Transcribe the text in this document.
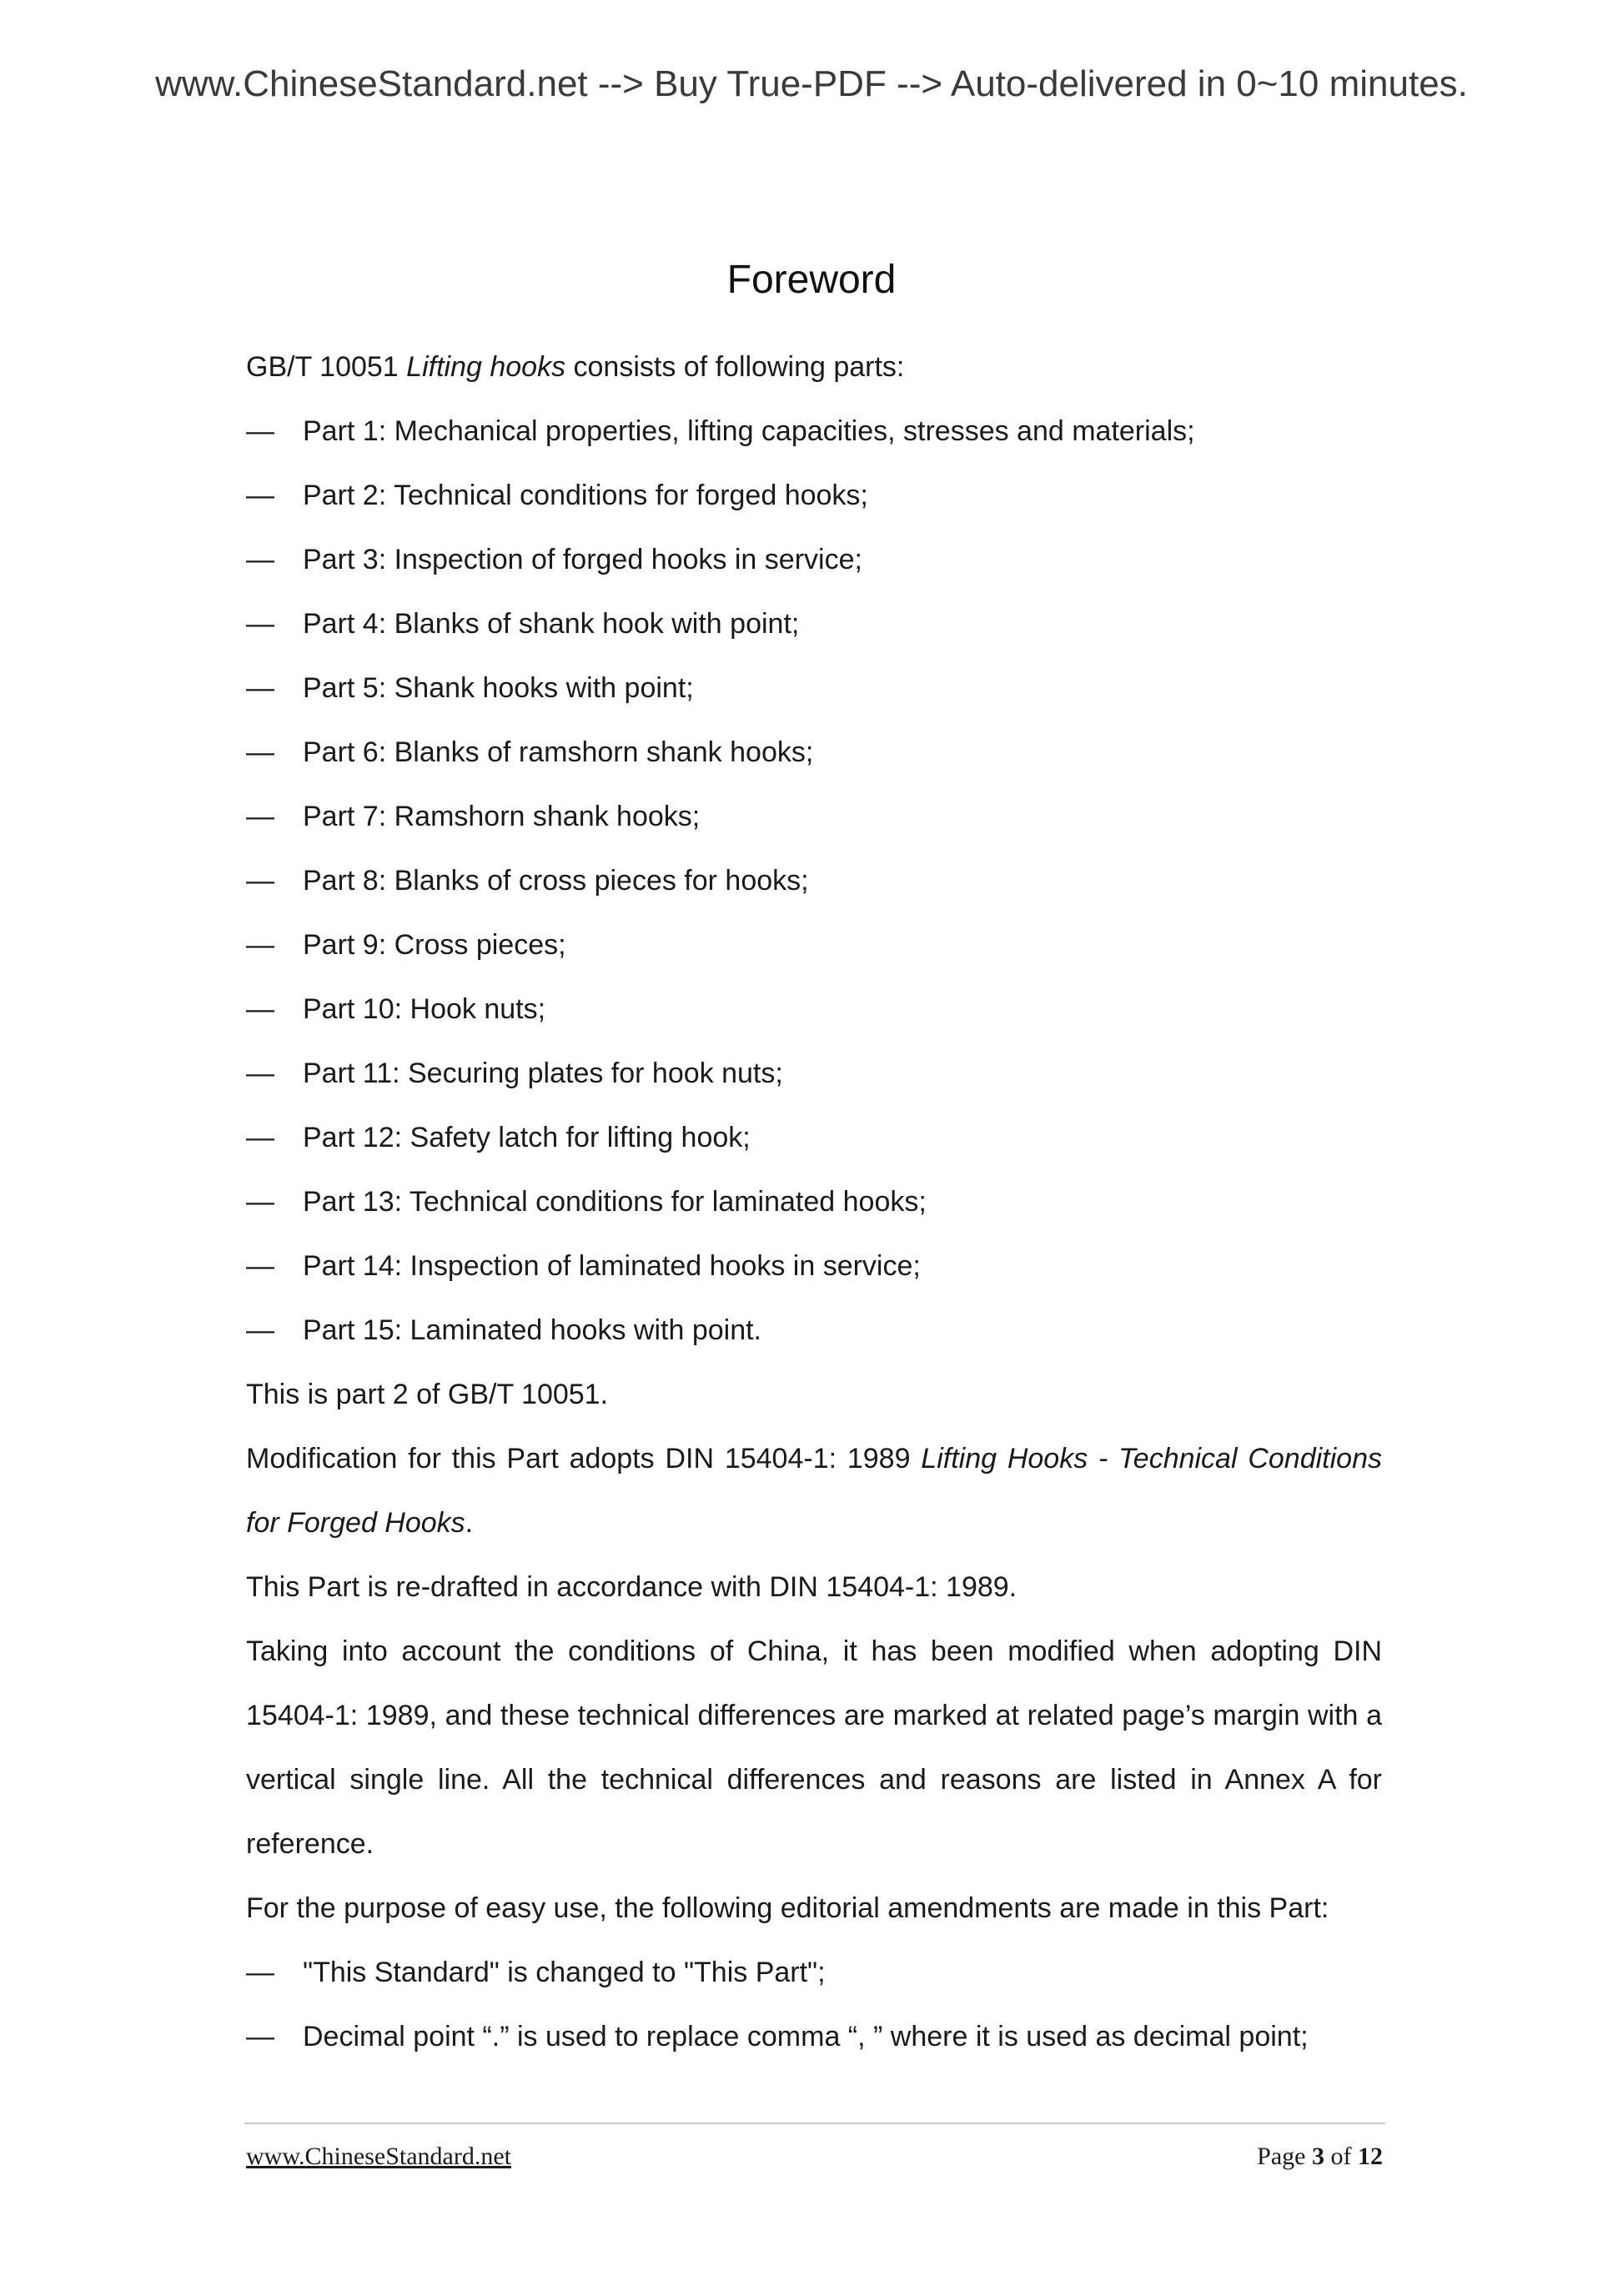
www.ChineseStandard.net --> Buy True-PDF --> Auto-delivered in 0~10 minutes.
Foreword

GB/T 10051 Lifting hooks consists of following parts:

—	Part 1: Mechanical properties, lifting capacities, stresses and materials;
—	Part 2: Technical conditions for forged hooks;
—	Part 3: Inspection of forged hooks in service;
—	Part 4: Blanks of shank hook with point;
—	Part 5: Shank hooks with point;
—	Part 6: Blanks of ramshorn shank hooks;
—	Part 7: Ramshorn shank hooks;
—	Part 8: Blanks of cross pieces for hooks;
—	Part 9: Cross pieces;
—	Part 10: Hook nuts;
—	Part 11: Securing plates for hook nuts;
—	Part 12: Safety latch for lifting hook;
—	Part 13: Technical conditions for laminated hooks;
—	Part 14: Inspection of laminated hooks in service;
—	Part 15: Laminated hooks with point.

This is part 2 of GB/T 10051.

Modification for this Part adopts DIN 15404-1: 1989 Lifting Hooks - Technical Conditions for Forged Hooks.

This Part is re-drafted in accordance with DIN 15404-1: 1989.

Taking into account the conditions of China, it has been modified when adopting DIN 15404-1: 1989, and these technical differences are marked at related page’s margin with a vertical single line. All the technical differences and reasons are listed in Annex A for reference.

For the purpose of easy use, the following editorial amendments are made in this Part:

—	"This Standard" is changed to "This Part";
—	Decimal point “.” is used to replace comma “, ” where it is used as decimal point;
www.ChineseStandard.net	Page 3 of 12
